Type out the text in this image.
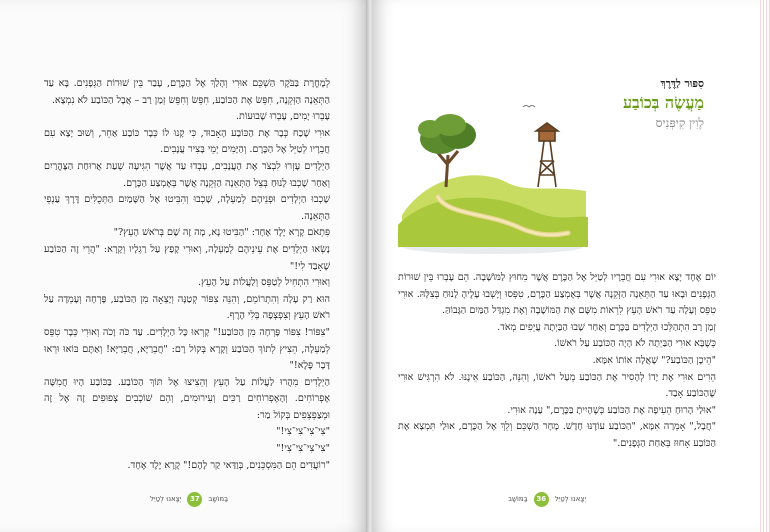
לְמָחֳרָת בַּבֹּקֶר הַשְׁכֵּם אוּרִי וְהָלַךְ אֶל הַכֶּרֶם, עָבַר בֵּין שׁוּרוֹת הַגְּפָנִים. בָּא עַד הַתְּאֵנָה הַזְּקֵנָה, חִפֵּשׂ אֶת הַכּוֹבַע, חִפֵּשׂ וְחִפֵּשׂ זְמַן רַב – אֲבָל הַכּוֹבַע לֹא נִמְצָא.

עָבְרוּ יָמִים, עָבְרוּ שָׁבוּעוֹת.

אוּרִי שָׁכַח כְּבָר אֶת הַכּוֹבַע הָאָבוּד, כִּי קָנוּ לוֹ כְּבָר כּוֹבַע אַחֵר, וְשׁוּב יָצָא עִם חֲבֵרָיו לְטַיֵּל אֶל הַכֶּרֶם. וְהַיָּמִים יְמֵי בָּצִיר עֲנָבִים.

הַיְלָדִים עָזְרוּ לִבְצֹר אֶת הָעֲנָבִים, עָבְדוּ עַד אֲשֶׁר הִגִּיעָה שְׁעַת אֲרוּחַת הַצָּהֳרַיִם וְאַחַר שָׁכְבוּ לָנוּחַ בְּצֵל הַתְּאֵנָה הַזְּקֵנָה אֲשֶׁר בְּאֶמְצַע הַכֶּרֶם.

שָׁכְבוּ הַיְלָדִים וּפְנֵיהֶם לְמַעְלָה, שָׁכְבוּ וְהִבִּיטוּ אֶל הַשָּׁמַיִם הַתְּכֻלִּים דֶּרֶךְ עַנְפֵי הַתְּאֵנָה.

פִּתְאֹם קָרָא יֶלֶד אֶחָד: "הַבִּיטוּ נָא, מָה זֶה שָׁם בְּרֹאשׁ הָעֵץ?"

נָשְׂאוּ הַיְלָדִים אֶת עֵינֵיהֶם לְמַעְלָה, וְאוּרִי קָפַץ עַל רַגְלָיו וְקָרָא: "הֲרֵי זֶה הַכּוֹבַע שֶׁאָבַד לִי!"

וְאוּרִי הִתְחִיל לְטַפֵּס וְלַעֲלוֹת עַל הָעֵץ.

הוּא רַק עָלָה וְהִתְרוֹמֵם, וְהִנֵּה צִפּוֹר קְטַנָּה וְיָצְאָה מִן הַכּוֹבַע, פָּרְחָה וְעָמְדָה עַל רֹאשׁ הָעֵץ וְצִפְצְפָה בְּלִי הֶרֶף.

"צִפּוֹר! צִפּוֹר פָּרְחָה מִן הַכּוֹבַע!" קָרְאוּ כָּל הַיְלָדִים. עַד כֹּה וָכֹה וְאוּרִי כְּבָר טִפֵּס לְמַעְלָה, הֵצִיץ לְתוֹךְ הַכּוֹבַע וְקָרָא בְּקוֹל רָם: "חֲבֵרַיָּא, חֲבֵרַיָּא! וְאַתֶּם בּוֹאוּ וּרְאוּ דָּבָר פֶּלֶא!"

הַיְלָדִים מִהֲרוּ לַעֲלוֹת עַל הָעֵץ וְהֵצִיצוּ אֶל תּוֹךְ הַכּוֹבַע. בַּכּוֹבַע הָיוּ חֲמִשָּׁה אֶפְרוֹחִים. וְהָאֶפְרוֹחִים רַכִּים וְעִירוּמִים, וְהֵם שׁוֹכְבִים צְפוּפִים זֶה אֶל זֶה וּמְצַפְצְפִים בְּקוֹל מַר:

"צִי־צִי־צִי־צִי!"

"צִי־צִי־צִי־צִי!"

"רוֹעֲדִים הֵם הַמִּסְכֵּנִים, בְּוַדַּאי קַר לָהֶם!" קָרָא יֶלֶד אֶחָד.

בַּמּוֹשָׁב
37
יְצָאנוּ לְטַיֵּל
סִפּוּר לַדֶּרֶךְ
מַעֲשֶׂה בְּכוֹבַע
לֶוִין קִיפְּנִיס

יוֹם אֶחָד יָצָא אוּרִי עִם חֲבֵרָיו לְטַיֵּל אֶל הַכֶּרֶם אֲשֶׁר מִחוּץ לַמּוֹשָׁבָה. הֵם עָבְרוּ בֵּין שׁוּרוֹת הַגְּפָנִים וּבָאוּ עַד הַתְּאֵנָה הַזְּקֵנָה אֲשֶׁר בְּאֶמְצַע הַכֶּרֶם, טִפְּסוּ וְיָשְׁבוּ עָלֶיהָ לָנוּחַ בְּצִלָּהּ. אוּרִי טִפֵּס וְעָלָה עַד רֹאשׁ הָעֵץ לִרְאוֹת מִשָּׁם אֶת הַמּוֹשָׁבָה וְאֶת מִגְדַּל הַמַּיִם הַגָּבוֹהַּ.

זְמַן רַב הִתְהַלְּכוּ הַיְלָדִים בַּכֶּרֶם וְאַחַר שָׁבוּ הַבַּיְתָה עֲיֵפִים מְאֹד.

כְּשֶׁבָּא אוּרִי הַבַּיְתָה לֹא הָיָה הַכּוֹבַע עַל רֹאשׁוֹ.

"הֵיכָן הַכּוֹבַע?" שָׁאֲלָה אוֹתוֹ אִמָּא.

הֵרִים אוּרִי אֶת יָדוֹ לְהָסִיר אֶת הַכּוֹבַע מֵעַל רֹאשׁוֹ, וְהִנֵּה, הַכּוֹבַע אֵינֶנּוּ. לֹא הִרְגִּישׁ אוּרִי שֶׁהַכּוֹבַע אָבַד.

"אוּלַי הָרוּחַ הֵעִיפָה אֶת הַכּוֹבַע כְּשֶׁהָיִיתָ בַּכֶּרֶם," עָנָה אוּרִי.

"חֲבָל," אָמְרָה אִמָּא, "הַכּוֹבַע עוֹדֶנּוּ חָדָשׁ. מָחָר הַשְׁכֵּם וְלֵךְ אֶל הַכֶּרֶם, אוּלַי תִּמְצָא אֶת הַכּוֹבַע אָחוּז בְּאַחַת הַגְּפָנִים."

יְצָאנוּ לְטַיֵּל
36
בַּמּוֹשָׁב
